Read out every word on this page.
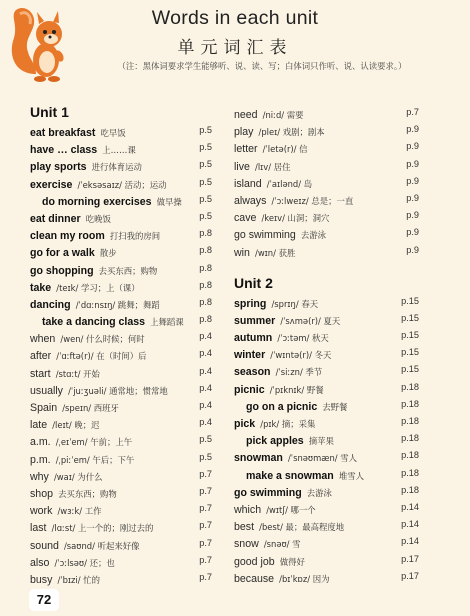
Words in each unit
单元词汇表
（注：黑体词要求学生能够听、说、读、写；白体词只作听、说、认读要求。）
Unit 1
eat breakfast 吃早饭	p.5
have … class 上……课	p.5
play sports 进行体育运动	p.5
exercise /ˈeksəsaɪz/ 活动；运动	p.5
do morning exercises 做早操 p.5
eat dinner 吃晚饭	p.5
clean my room 打扫我的房间	p.8
go for a walk 散步	p.8
go shopping 去买东西；购物	p.8
take /teɪk/ 学习；上（课）	p.8
dancing /ˈdɑːnsɪŋ/ 跳舞；舞蹈	p.8
take a dancing class 上舞蹈课 p.8
when /wen/ 什么时候；何时	p.4
after /ˈɑːftə(r)/ 在（时间）后	p.4
start /stɑːt/ 开始	p.4
usually /ˈjuːʒuəli/ 通常地；惯常地	p.4
Spain /speɪn/ 西班牙	p.4
late /leɪt/ 晚；迟	p.4
a.m. /ˌeɪˈem/ 午前；上午	p.5
p.m. /ˌpiːˈem/ 午后；下午	p.5
why /waɪ/ 为什么	p.7
shop 去买东西；购物	p.7
work /wɜːk/ 工作	p.7
last /lɑːst/ 上一个的；刚过去的	p.7
sound /saʊnd/ 听起来好像	p.7
also /ˈɔːlsəʊ/ 还；也	p.7
busy /ˈbɪzi/ 忙的	p.7
need /niːd/ 需要	p.7
play /pleɪ/ 戏剧；剧本	p.9
letter /ˈletə(r)/ 信	p.9
live /lɪv/ 居住	p.9
island /ˈaɪlənd/ 岛	p.9
always /ˈɔːlweɪz/ 总是；一直	p.9
cave /keɪv/ 山洞；洞穴	p.9
go swimming 去游泳	p.9
win /wɪn/ 获胜	p.9
Unit 2
spring /sprɪŋ/ 春天	p.15
summer /ˈsʌmə(r)/ 夏天	p.15
autumn /ˈɔːtəm/ 秋天	p.15
winter /ˈwɪntə(r)/ 冬天	p.15
season /ˈsiːzn/ 季节	p.15
picnic /ˈpɪknɪk/ 野餐	p.18
go on a picnic 去野餐	p.18
pick /pɪk/ 摘；采集	p.18
pick apples 摘苹果	p.18
snowman /ˈsnəʊmæn/ 雪人	p.18
make a snowman 堆雪人	p.18
go swimming 去游泳	p.18
which /wɪtʃ/ 哪一个	p.14
best /best/ 最；最高程度地	p.14
snow /snəʊ/ 雪	p.14
good job 做得好	p.17
because /bɪˈkɒz/ 因为	p.17
72
